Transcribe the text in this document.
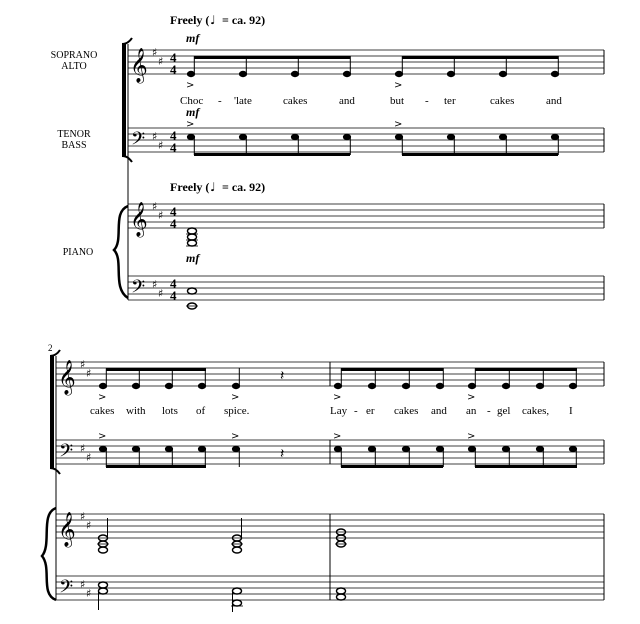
Freely ( ♩ = ca. 92)
mf
SOPRANO
ALTO
TENOR
BASS
PIANO
𝄞 ♯
♯ 4
4
>	>
Choc - 'late	cakes	and	but - ter	cakes	and
mf
𝄢 ♯
♯
4
4
>	>
Freely ( ♩ = ca. 92)
𝄞 ♯
♯ 4
4
mf
𝄢 ♯
♯
4
4
2
𝄞 ♯
♯	𝄽
>	>	>	>
cakes with lots of spice.	Lay - er cakes and an - gel cakes, I
𝄢 ♯
♯
>	>	>	>
𝄽
𝄞 ♯
♯
𝄢 ♯
♯
